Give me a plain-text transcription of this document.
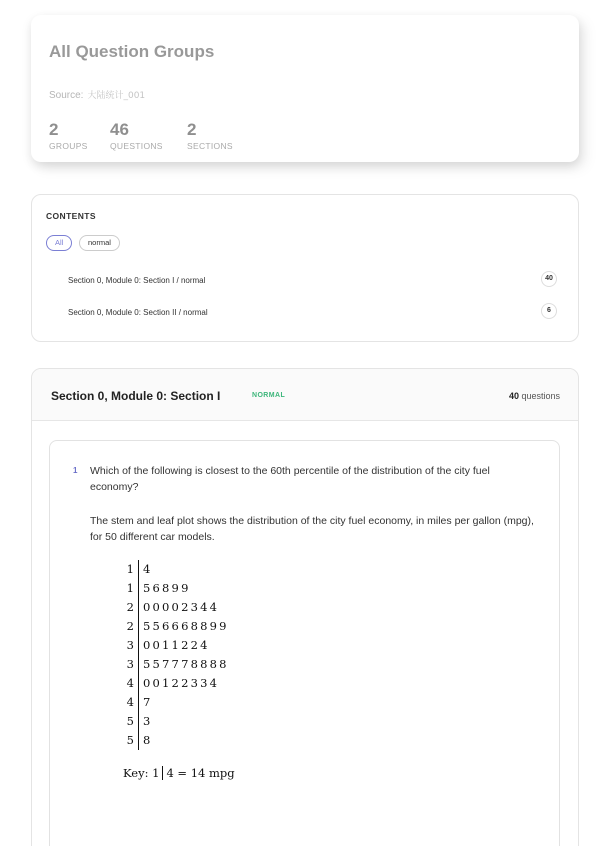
All Question Groups
Source: 大陆统计_001
2
GROUPS
46
QUESTIONS
2
SECTIONS
CONTENTS
All	normal
Section 0, Module 0: Section I / normal	40
Section 0, Module 0: Section II / normal	6
Section 0, Module 0: Section I	NORMAL	40 questions
1 Which of the following is closest to the 60th percentile of the distribution of the city fuel economy?
The stem and leaf plot shows the distribution of the city fuel economy, in miles per gallon (mpg), for 50 different car models.
1 4
1 56899
2 00002344
2 556668899
3 0011224
3 557778888
4 00122334
4 7
5 3
5 8
Key: 1 4 = 14 mpg
